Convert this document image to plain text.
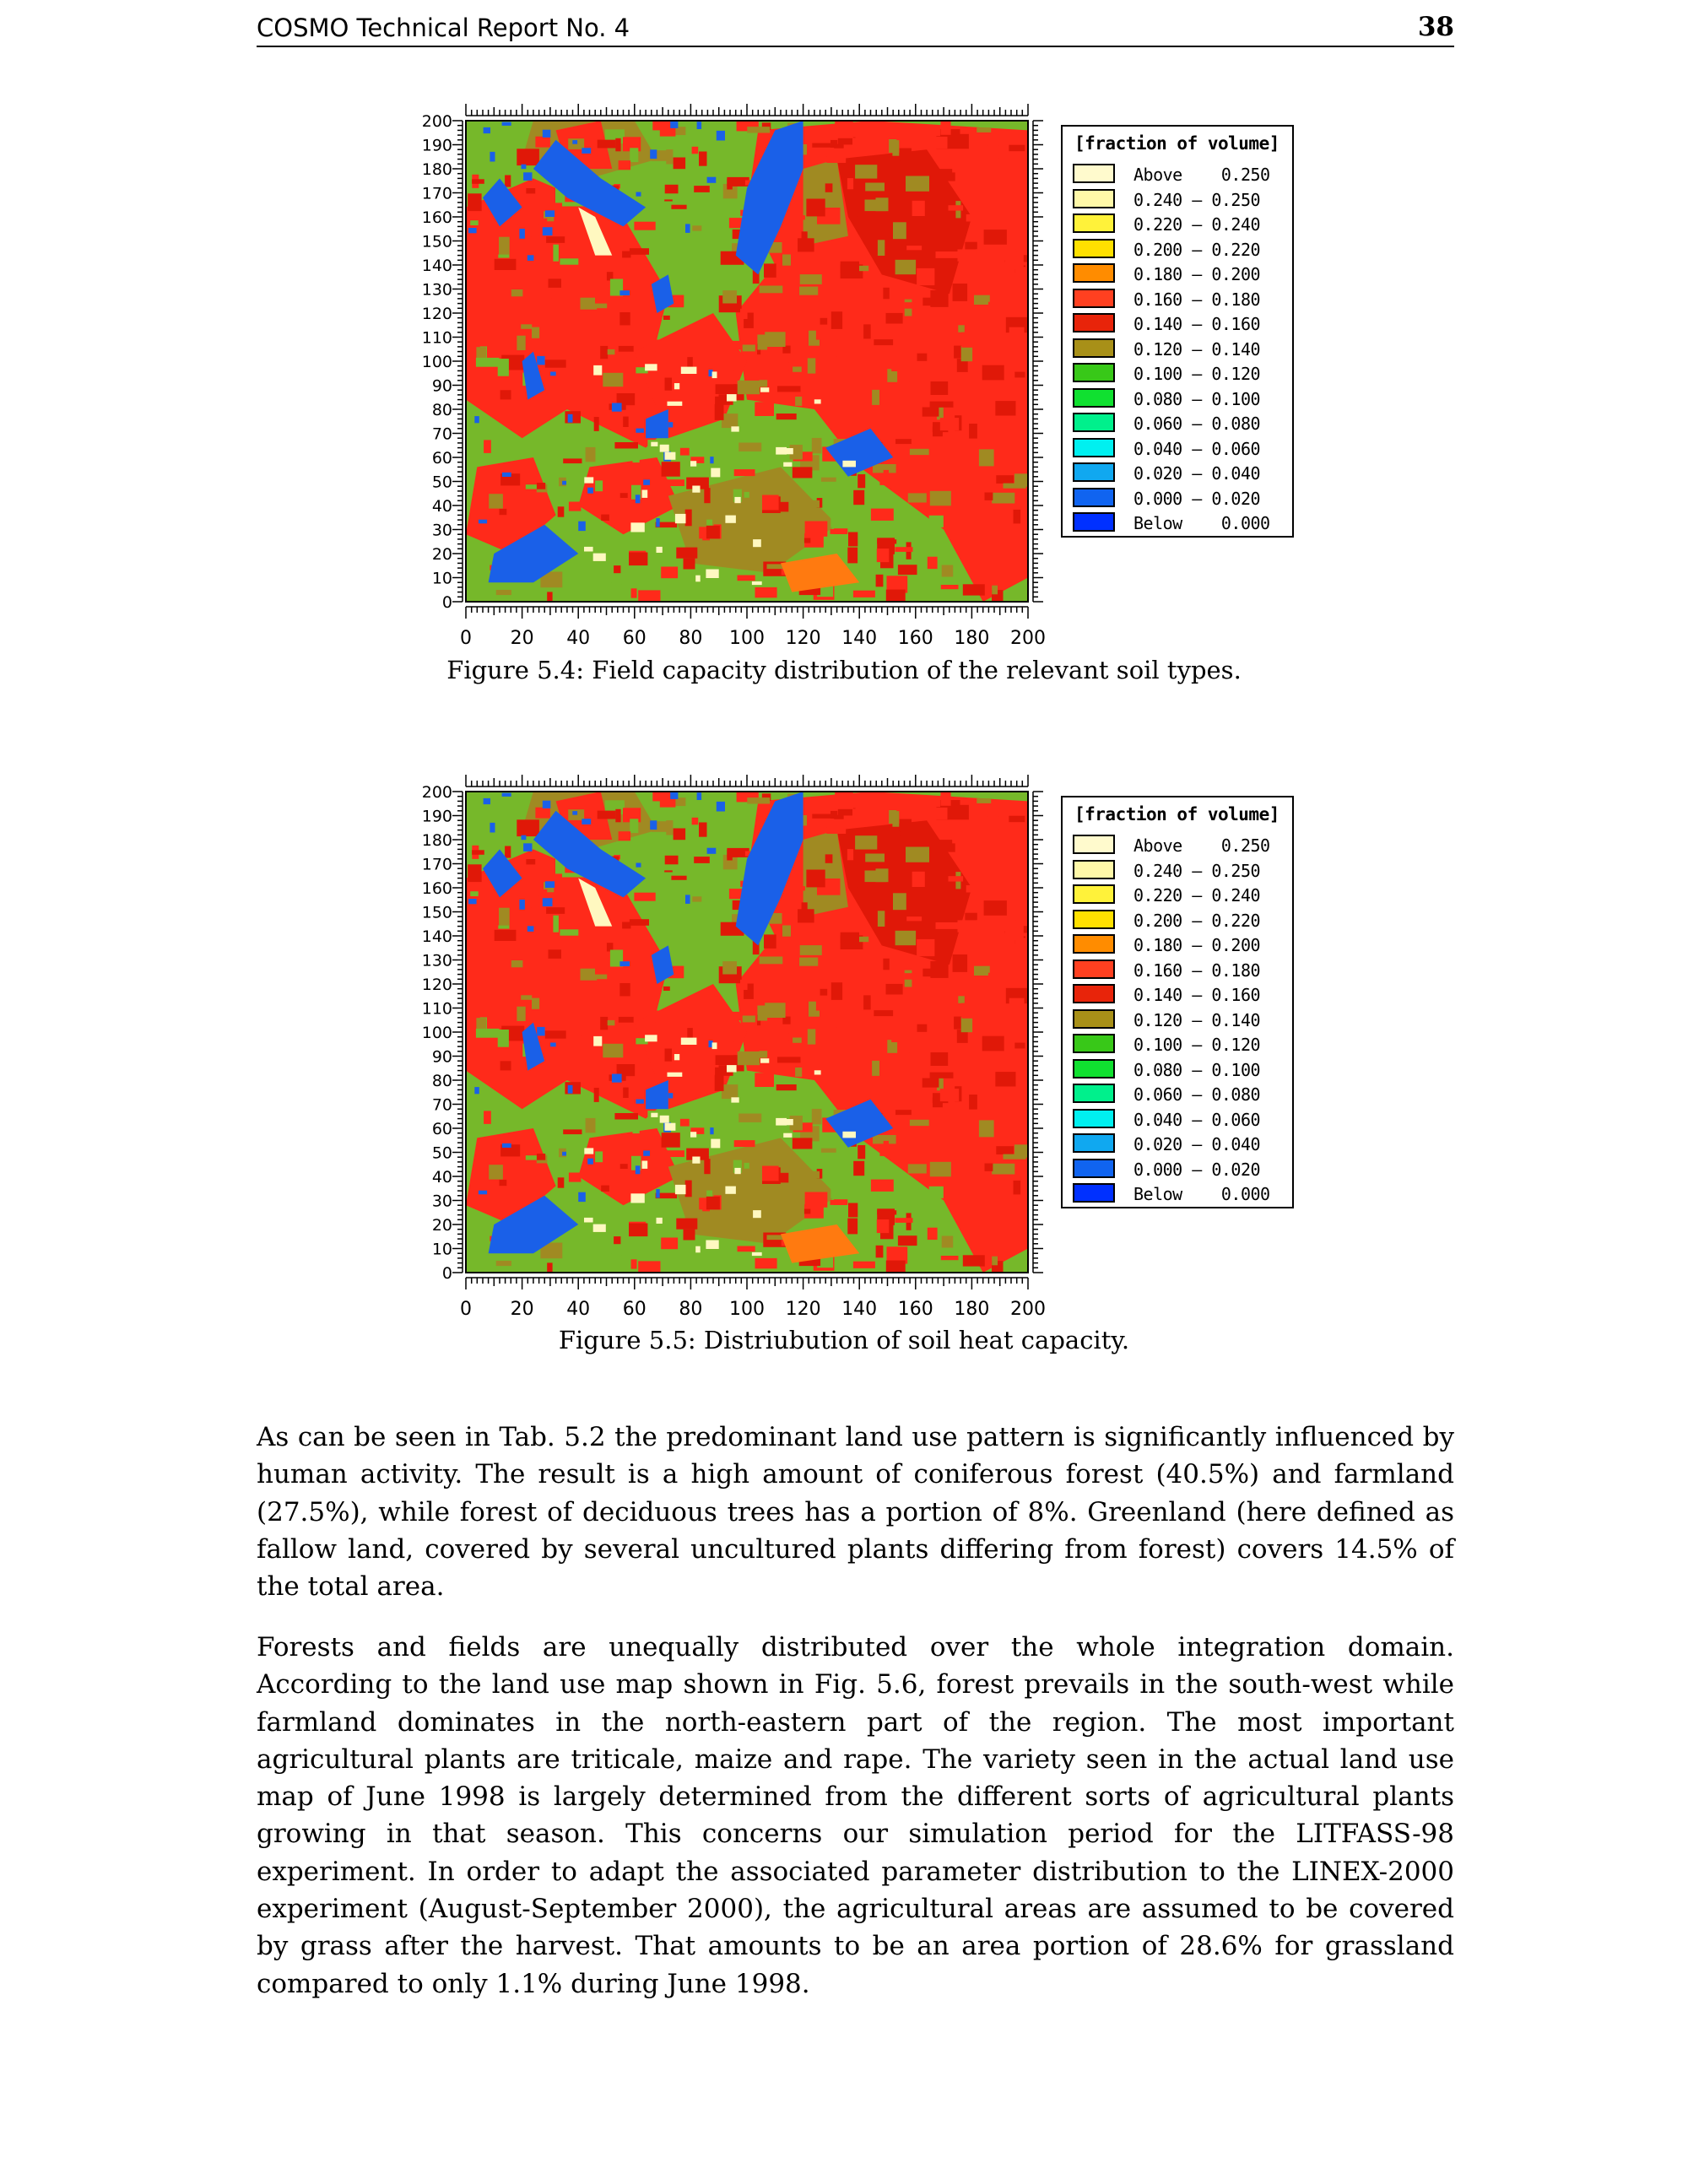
COSMO Technical Report No. 4	38
0 20 40 60 80 100 120 140 160 180 200
200
190
180
170
160
150
140
130
120
110
100
90
80
70
60
50
40
30
20
10
0
[fraction of volume]
Above    0.250
0.240 – 0.250
0.220 – 0.240
0.200 – 0.220
0.180 – 0.200
0.160 – 0.180
0.140 – 0.160
0.120 – 0.140
0.100 – 0.120
0.080 – 0.100
0.060 – 0.080
0.040 – 0.060
0.020 – 0.040
0.000 – 0.020
Below    0.000
Figure 5.4: Field capacity distribution of the relevant soil types.
0 20 40 60 80 100 120 140 160 180 200
200
190
180
170
160
150
140
130
120
110
100
90
80
70
60
50
40
30
20
10
0
[fraction of volume]
Above    0.250
0.240 – 0.250
0.220 – 0.240
0.200 – 0.220
0.180 – 0.200
0.160 – 0.180
0.140 – 0.160
0.120 – 0.140
0.100 – 0.120
0.080 – 0.100
0.060 – 0.080
0.040 – 0.060
0.020 – 0.040
0.000 – 0.020
Below    0.000
Figure 5.5: Distriubution of soil heat capacity.

As can be seen in Tab. 5.2 the predominant land use pattern is significantly influenced by human activity. The result is a high amount of coniferous forest (40.5%) and farmland (27.5%), while forest of deciduous trees has a portion of 8%. Greenland (here defined as fallow land, covered by several uncultured plants differing from forest) covers 14.5% of the total area.

Forests and fields are unequally distributed over the whole integration domain. According to the land use map shown in Fig. 5.6, forest prevails in the south-west while farmland dominates in the north-eastern part of the region. The most important agricultural plants are triticale, maize and rape. The variety seen in the actual land use map of June 1998 is largely determined from the different sorts of agricultural plants growing in that season. This concerns our simulation period for the LITFASS-98 experiment. In order to adapt the associated parameter distribution to the LINEX-2000 experiment (August-September 2000), the agricultural areas are assumed to be covered by grass after the harvest. That amounts to be an area portion of 28.6% for grassland compared to only 1.1% during June 1998.
